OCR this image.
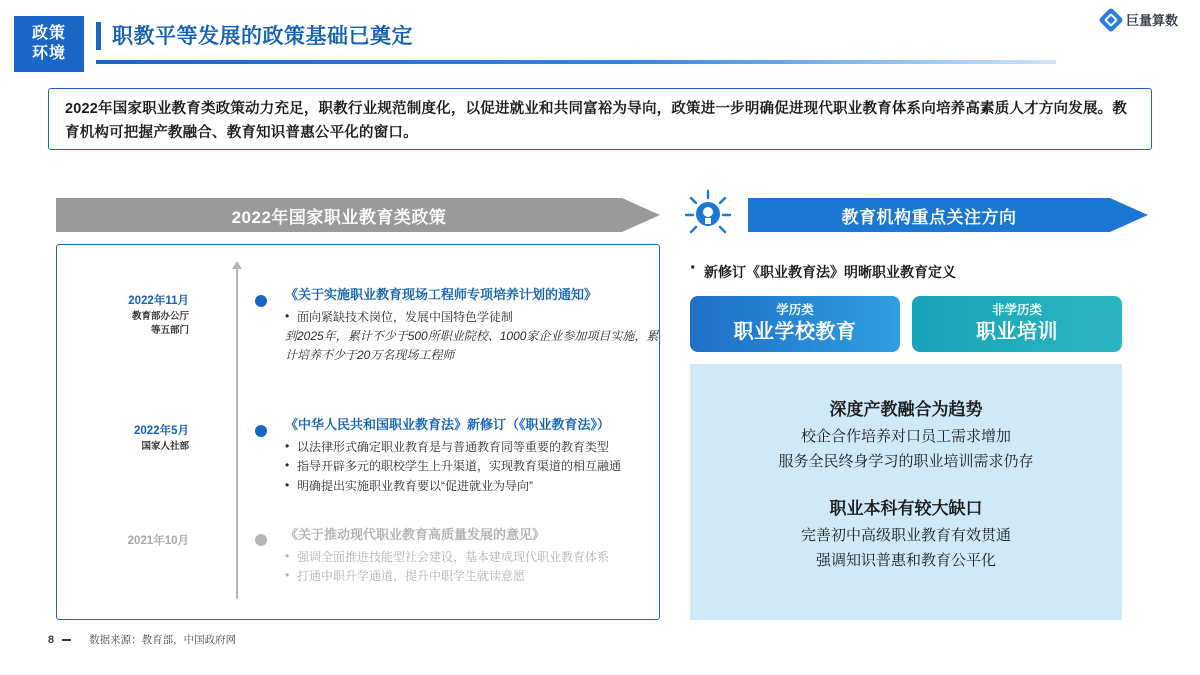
政策
环境
职教平等发展的政策基础已奠定
巨量算数
2022年国家职业教育类政策动力充足，职教行业规范制度化，以促进就业和共同富裕为导向，政策进一步明确促进现代职业教育体系向培养高素质人才方向发展。教育机构可把握产教融合、教育知识普惠公平化的窗口。
2022年国家职业教育类政策
2022年11月
教育部办公厅
等五部门
《关于实施职业教育现场工程师专项培养计划的通知》
• 面向紧缺技术岗位，发展中国特色学徒制
到2025年，累计不少于500所职业院校、1000家企业参加项目实施，累计培养不少于20万名现场工程师
2022年5月
国家人社部
《中华人民共和国职业教育法》新修订（《职业教育法》）
• 以法律形式确定职业教育是与普通教育同等重要的教育类型
• 指导开辟多元的职校学生上升渠道，实现教育渠道的相互融通
• 明确提出实施职业教育要以“促进就业为导向”
2021年10月	《关于推动现代职业教育高质量发展的意见》
• 强调全面推进技能型社会建设，基本建成现代职业教育体系
• 打通中职升学通道，提升中职学生就读意愿
教育机构重点关注方向
· 新修订《职业教育法》明晰职业教育定义
学历类
职业学校教育
非学历类
职业培训
深度产教融合为趋势
校企合作培养对口员工需求增加
服务全民终身学习的职业培训需求仍存
职业本科有较大缺口
完善初中高级职业教育有效贯通
强调知识普惠和教育公平化
8	数据来源：教育部，中国政府网
